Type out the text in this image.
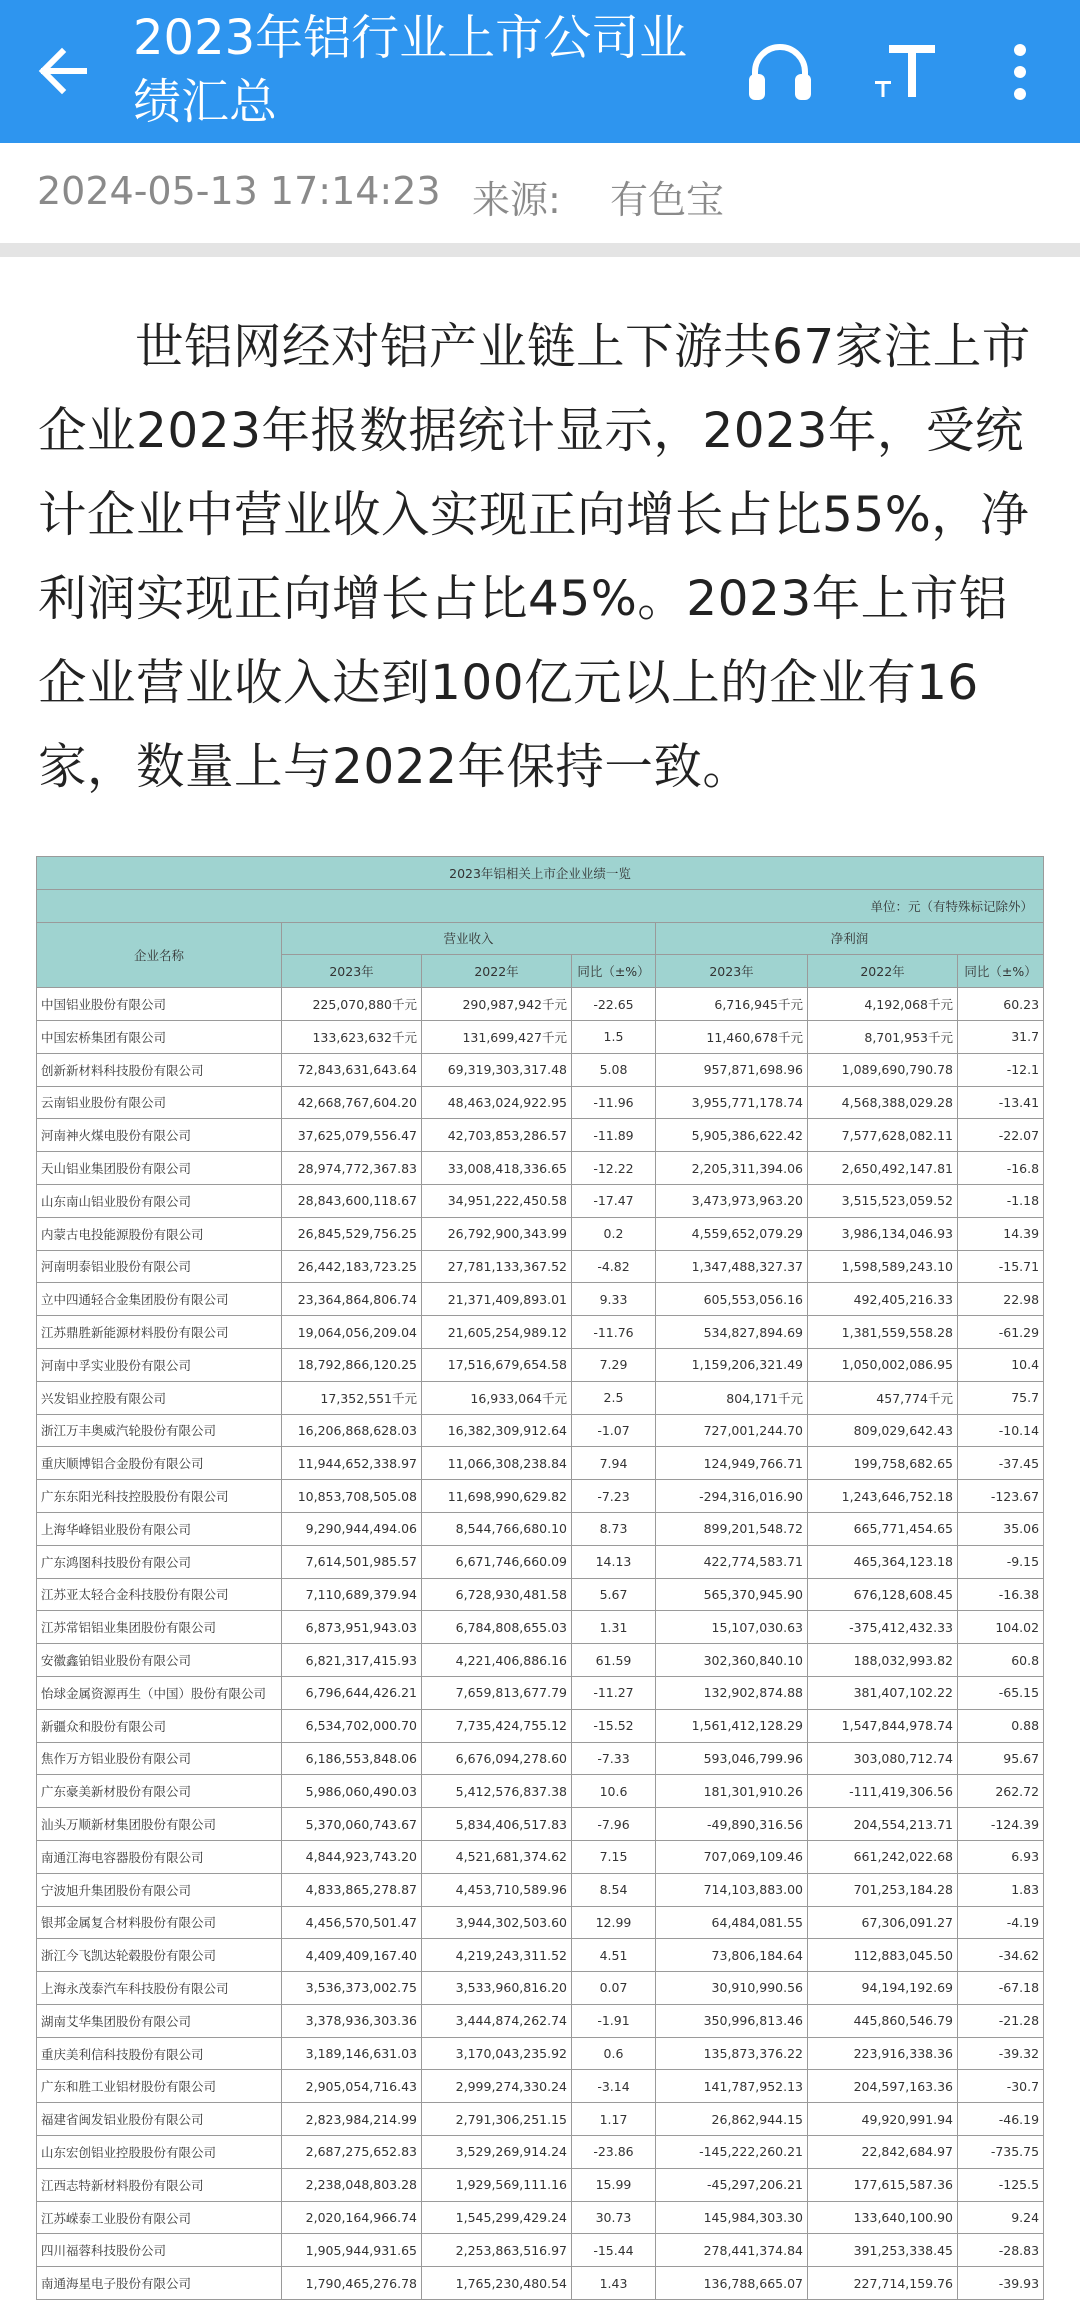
2023年铝行业上市公司业绩汇总
2024-05-13 17:14:23 来源: 有色宝

世铝网经对铝产业链上下游共67家注上市企业2023年报数据统计显示，2023年，受统计企业中营业收入实现正向增长占比55%，净利润实现正向增长占比45%。2023年上市铝企业营业收入达到100亿元以上的企业有16家，数量上与2022年保持一致。

2023年铝相关上市企业业绩一览						
单位：元（有特殊标记除外）						
企业名称	营业收入			净利润		
	2023年	2022年	同比（±%）	2023年	2022年	同比（±%）
中国铝业股份有限公司	225,070,880千元	290,987,942千元	-22.65	6,716,945千元	4,192,068千元	60.23
中国宏桥集团有限公司	133,623,632千元	131,699,427千元	1.5	11,460,678千元	8,701,953千元	31.7
创新新材料科技股份有限公司	72,843,631,643.64	69,319,303,317.48	5.08	957,871,698.96	1,089,690,790.78	-12.1
云南铝业股份有限公司	42,668,767,604.20	48,463,024,922.95	-11.96	3,955,771,178.74	4,568,388,029.28	-13.41
河南神火煤电股份有限公司	37,625,079,556.47	42,703,853,286.57	-11.89	5,905,386,622.42	7,577,628,082.11	-22.07
天山铝业集团股份有限公司	28,974,772,367.83	33,008,418,336.65	-12.22	2,205,311,394.06	2,650,492,147.81	-16.8
山东南山铝业股份有限公司	28,843,600,118.67	34,951,222,450.58	-17.47	3,473,973,963.20	3,515,523,059.52	-1.18
内蒙古电投能源股份有限公司	26,845,529,756.25	26,792,900,343.99	0.2	4,559,652,079.29	3,986,134,046.93	14.39
河南明泰铝业股份有限公司	26,442,183,723.25	27,781,133,367.52	-4.82	1,347,488,327.37	1,598,589,243.10	-15.71
立中四通轻合金集团股份有限公司	23,364,864,806.74	21,371,409,893.01	9.33	605,553,056.16	492,405,216.33	22.98
江苏鼎胜新能源材料股份有限公司	19,064,056,209.04	21,605,254,989.12	-11.76	534,827,894.69	1,381,559,558.28	-61.29
河南中孚实业股份有限公司	18,792,866,120.25	17,516,679,654.58	7.29	1,159,206,321.49	1,050,002,086.95	10.4
兴发铝业控股有限公司	17,352,551千元	16,933,064千元	2.5	804,171千元	457,774千元	75.7
浙江万丰奥威汽轮股份有限公司	16,206,868,628.03	16,382,309,912.64	-1.07	727,001,244.70	809,029,642.43	-10.14
重庆顺博铝合金股份有限公司	11,944,652,338.97	11,066,308,238.84	7.94	124,949,766.71	199,758,682.65	-37.45
广东东阳光科技控股股份有限公司	10,853,708,505.08	11,698,990,629.82	-7.23	-294,316,016.90	1,243,646,752.18	-123.67
上海华峰铝业股份有限公司	9,290,944,494.06	8,544,766,680.10	8.73	899,201,548.72	665,771,454.65	35.06
广东鸿图科技股份有限公司	7,614,501,985.57	6,671,746,660.09	14.13	422,774,583.71	465,364,123.18	-9.15
江苏亚太轻合金科技股份有限公司	7,110,689,379.94	6,728,930,481.58	5.67	565,370,945.90	676,128,608.45	-16.38
江苏常铝铝业集团股份有限公司	6,873,951,943.03	6,784,808,655.03	1.31	15,107,030.63	-375,412,432.33	104.02
安徽鑫铂铝业股份有限公司	6,821,317,415.93	4,221,406,886.16	61.59	302,360,840.10	188,032,993.82	60.8
怡球金属资源再生（中国）股份有限公司	6,796,644,426.21	7,659,813,677.79	-11.27	132,902,874.88	381,407,102.22	-65.15
新疆众和股份有限公司	6,534,702,000.70	7,735,424,755.12	-15.52	1,561,412,128.29	1,547,844,978.74	0.88
焦作万方铝业股份有限公司	6,186,553,848.06	6,676,094,278.60	-7.33	593,046,799.96	303,080,712.74	95.67
广东豪美新材股份有限公司	5,986,060,490.03	5,412,576,837.38	10.6	181,301,910.26	-111,419,306.56	262.72
汕头万顺新材集团股份有限公司	5,370,060,743.67	5,834,406,517.83	-7.96	-49,890,316.56	204,554,213.71	-124.39
南通江海电容器股份有限公司	4,844,923,743.20	4,521,681,374.62	7.15	707,069,109.46	661,242,022.68	6.93
宁波旭升集团股份有限公司	4,833,865,278.87	4,453,710,589.96	8.54	714,103,883.00	701,253,184.28	1.83
银邦金属复合材料股份有限公司	4,456,570,501.47	3,944,302,503.60	12.99	64,484,081.55	67,306,091.27	-4.19
浙江今飞凯达轮毂股份有限公司	4,409,409,167.40	4,219,243,311.52	4.51	73,806,184.64	112,883,045.50	-34.62
上海永茂泰汽车科技股份有限公司	3,536,373,002.75	3,533,960,816.20	0.07	30,910,990.56	94,194,192.69	-67.18
湖南艾华集团股份有限公司	3,378,936,303.36	3,444,874,262.74	-1.91	350,996,813.46	445,860,546.79	-21.28
重庆美利信科技股份有限公司	3,189,146,631.03	3,170,043,235.92	0.6	135,873,376.22	223,916,338.36	-39.32
广东和胜工业铝材股份有限公司	2,905,054,716.43	2,999,274,330.24	-3.14	141,787,952.13	204,597,163.36	-30.7
福建省闽发铝业股份有限公司	2,823,984,214.99	2,791,306,251.15	1.17	26,862,944.15	49,920,991.94	-46.19
山东宏创铝业控股股份有限公司	2,687,275,652.83	3,529,269,914.24	-23.86	-145,222,260.21	22,842,684.97	-735.75
江西志特新材料股份有限公司	2,238,048,803.28	1,929,569,111.16	15.99	-45,297,206.21	177,615,587.36	-125.5
江苏嵘泰工业股份有限公司	2,020,164,966.74	1,545,299,429.24	30.73	145,984,303.30	133,640,100.90	9.24
四川福蓉科技股份公司	1,905,944,931.65	2,253,863,516.97	-15.44	278,441,374.84	391,253,338.45	-28.83
南通海星电子股份有限公司	1,790,465,276.78	1,765,230,480.54	1.43	136,788,665.07	227,714,159.76	-39.93
